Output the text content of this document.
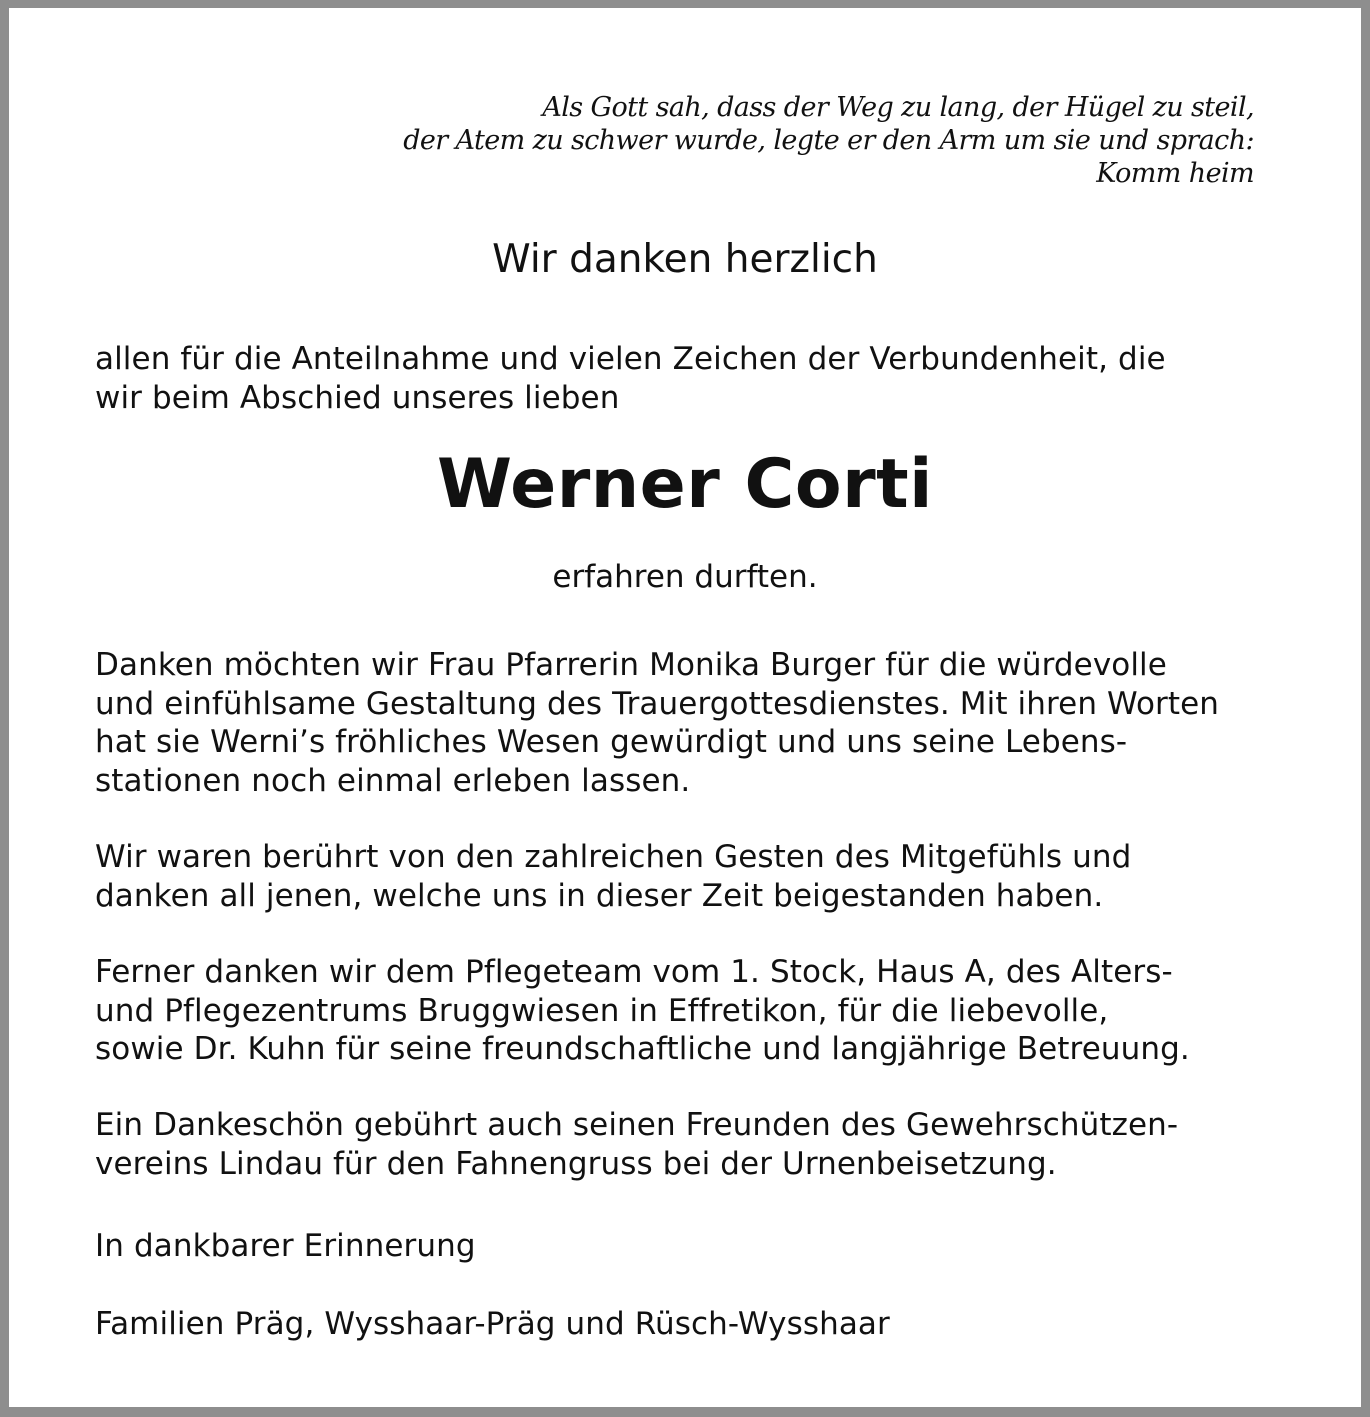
Als Gott sah, dass der Weg zu lang, der Hügel zu steil,
der Atem zu schwer wurde, legte er den Arm um sie und sprach:
Komm heim
Wir danken herzlich
allen für die Anteilnahme und vielen Zeichen der Verbundenheit, die
wir beim Abschied unseres lieben
Werner Corti
erfahren durften.
Danken möchten wir Frau Pfarrerin Monika Burger für die würdevolle
und einfühlsame Gestaltung des Trauergottesdienstes. Mit ihren Worten
hat sie Werni’s fröhliches Wesen gewürdigt und uns seine Lebens-
stationen noch einmal erleben lassen.
Wir waren berührt von den zahlreichen Gesten des Mitgefühls und
danken all jenen, welche uns in dieser Zeit beigestanden haben.
Ferner danken wir dem Pflegeteam vom 1. Stock, Haus A, des Alters-
und Pflegezentrums Bruggwiesen in Effretikon, für die liebevolle,
sowie Dr. Kuhn für seine freundschaftliche und langjährige Betreuung.
Ein Dankeschön gebührt auch seinen Freunden des Gewehrschützen-
vereins Lindau für den Fahnengruss bei der Urnenbeisetzung.
In dankbarer Erinnerung
Familien Präg, Wysshaar-Präg und Rüsch-Wysshaar
